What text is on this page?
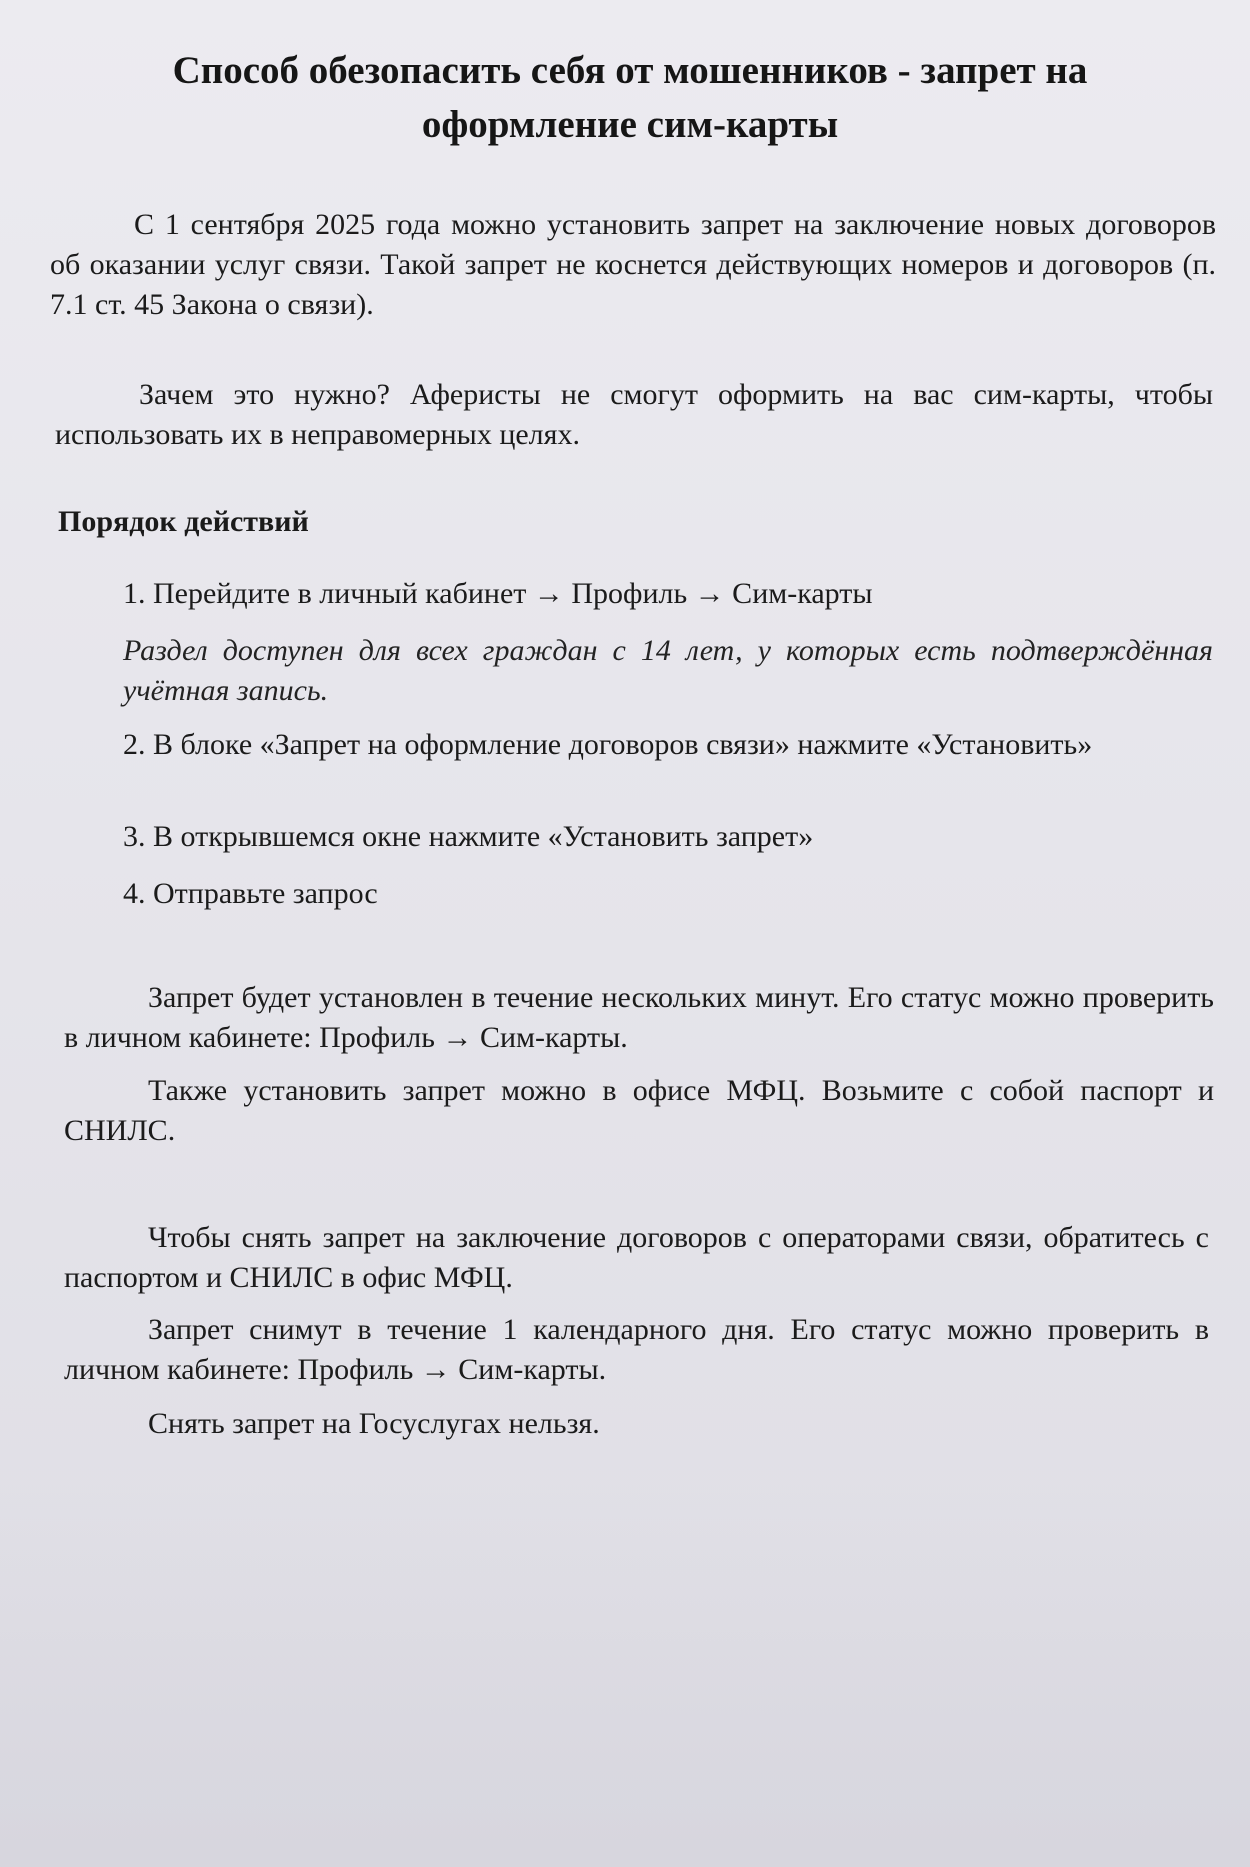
Способ обезопасить себя от мошенников - запрет на оформление сим-карты

С 1 сентября 2025 года можно установить запрет на заключение новых договоров об оказании услуг связи. Такой запрет не коснется действующих номеров и договоров (п. 7.1 ст. 45 Закона о связи).

Зачем это нужно? Аферисты не смогут оформить на вас сим-карты, чтобы использовать их в неправомерных целях.

Порядок действий

1. Перейдите в личный кабинет → Профиль → Сим-карты

Раздел доступен для всех граждан с 14 лет, у которых есть подтверждённая учётная запись.

2. В блоке «Запрет на оформление договоров связи» нажмите «Установить»

3. В открывшемся окне нажмите «Установить запрет»

4. Отправьте запрос

Запрет будет установлен в течение нескольких минут. Его статус можно проверить в личном кабинете: Профиль → Сим-карты.

Также установить запрет можно в офисе МФЦ. Возьмите с собой паспорт и СНИЛС.

Чтобы снять запрет на заключение договоров с операторами связи, обратитесь с паспортом и СНИЛС в офис МФЦ.

Запрет снимут в течение 1 календарного дня. Его статус можно проверить в личном кабинете: Профиль → Сим-карты.

Снять запрет на Госуслугах нельзя.
